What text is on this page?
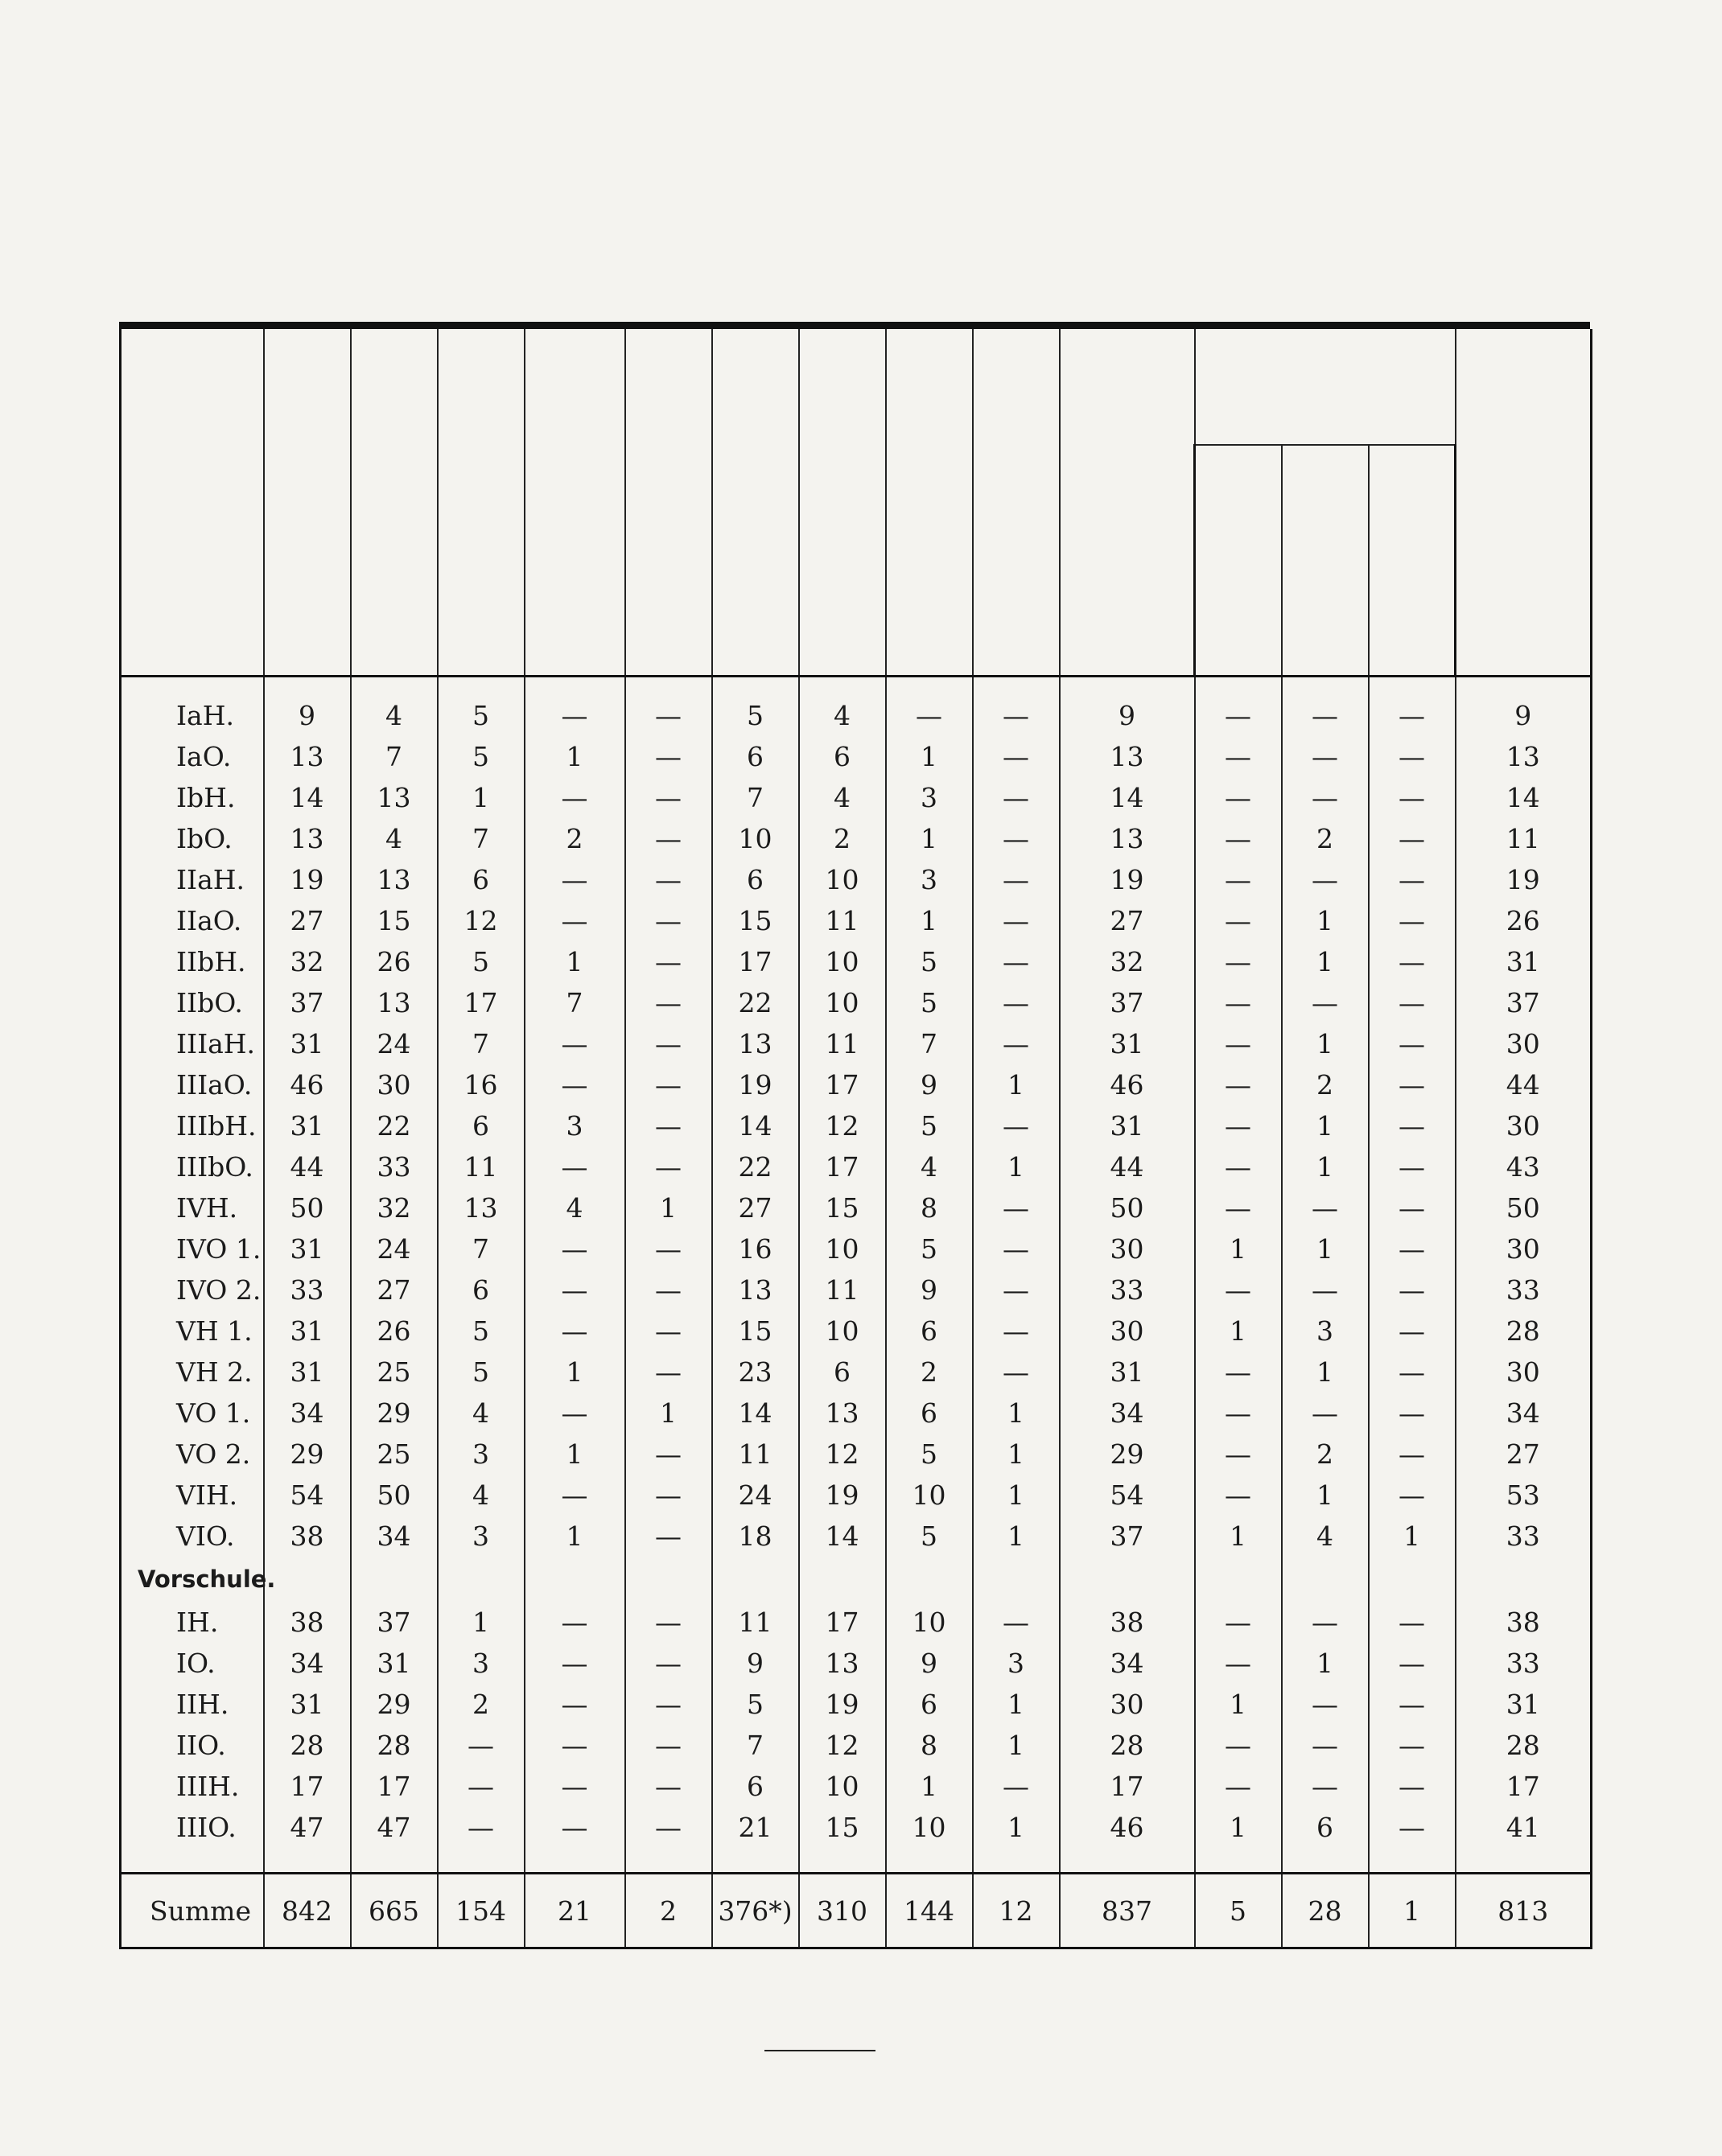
IaH.	9	4	5	—	—	5	4	—	—	9	—	—	—	9
IaO.	13	7	5	1	—	6	6	1	—	13	—	—	—	13
IbH.	14	13	1	—	—	7	4	3	—	14	—	—	—	14
IbO.	13	4	7	2	—	10	2	1	—	13	—	2	—	11
IIaH.	19	13	6	—	—	6	10	3	—	19	—	—	—	19
IIaO.	27	15	12	—	—	15	11	1	—	27	—	1	—	26
IIbH.	32	26	5	1	—	17	10	5	—	32	—	1	—	31
IIbO.	37	13	17	7	—	22	10	5	—	37	—	—	—	37
IIIaH.	31	24	7	—	—	13	11	7	—	31	—	1	—	30
IIIaO.	46	30	16	—	—	19	17	9	1	46	—	2	—	44
IIIbH.	31	22	6	3	—	14	12	5	—	31	—	1	—	30
IIIbO.	44	33	11	—	—	22	17	4	1	44	—	1	—	43
IVH.	50	32	13	4	1	27	15	8	—	50	—	—	—	50
IVO 1.	31	24	7	—	—	16	10	5	—	30	1	1	—	30
IVO 2.	33	27	6	—	—	13	11	9	—	33	—	—	—	33
VH 1.	31	26	5	—	—	15	10	6	—	30	1	3	—	28
VH 2.	31	25	5	1	—	23	6	2	—	31	—	1	—	30
VO 1.	34	29	4	—	1	14	13	6	1	34	—	—	—	34
VO 2.	29	25	3	1	—	11	12	5	1	29	—	2	—	27
VIH.	54	50	4	—	—	24	19	10	1	54	—	1	—	53
VIO.	38	34	3	1	—	18	14	5	1	37	1	4	1	33
Vorschule.														
IH.	38	37	1	—	—	11	17	10	—	38	—	—	—	38
IO.	34	31	3	—	—	9	13	9	3	34	—	1	—	33
IIH.	31	29	2	—	—	5	19	6	1	30	1	—	—	31
IIO.	28	28	—	—	—	7	12	8	1	28	—	—	—	28
IIIH.	17	17	—	—	—	6	10	1	—	17	—	—	—	17
IIIO.	47	47	—	—	—	21	15	10	1	46	1	6	—	41

Summe	842	665	154	21	2	376*)	310	144	12	837	5	28	1	813
